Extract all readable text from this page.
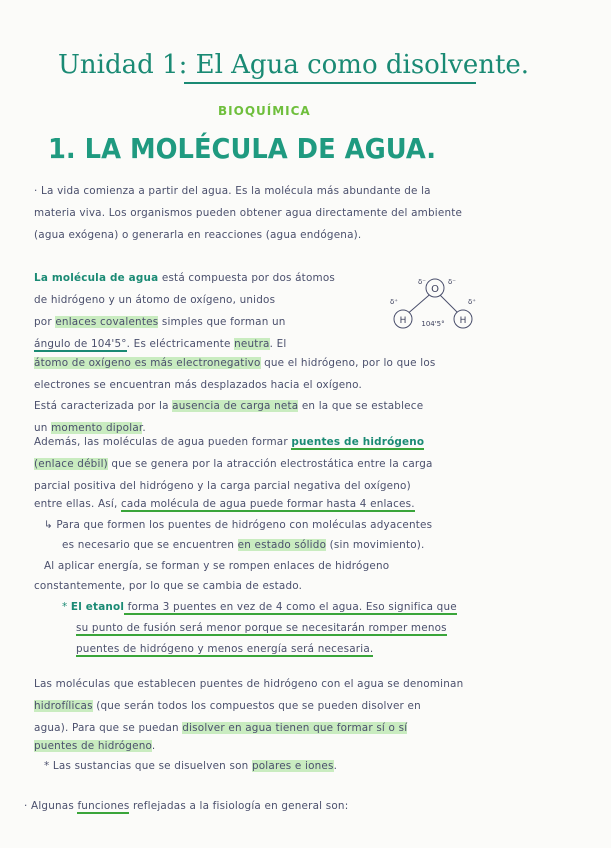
Unidad 1: El Agua como disolvente.
BIOQUÍMICA
1. LA MOLÉCULA DE AGUA.
· La vida comienza a partir del agua. Es la molécula más abundante de la
materia viva. Los organismos pueden obtener agua directamente del ambiente
(agua exógena) o generarla en reacciones (agua endógena).
La molécula de agua está compuesta por dos átomos
de hidrógeno y un átomo de oxígeno, unidos
por enlaces covalentes simples que forman un
ángulo de 104'5°. Es eléctricamente neutra. El
átomo de oxígeno es más electronegativo que el hidrógeno, por lo que los
electrones se encuentran más desplazados hacia el oxígeno.
Está caracterizada por la ausencia de carga neta en la que se establece
un momento dipolar.
O
H	H
104'5°
δ⁻	δ⁻
δ⁺	δ⁺
Además, las moléculas de agua pueden formar puentes de hidrógeno
(enlace débil) que se genera por la atracción electrostática entre la carga
parcial positiva del hidrógeno y la carga parcial negativa del oxígeno)
entre ellas. Así, cada molécula de agua puede formar hasta 4 enlaces.
↳ Para que formen los puentes de hidrógeno con moléculas adyacentes
es necesario que se encuentren en estado sólido (sin movimiento).
Al aplicar energía, se forman y se rompen enlaces de hidrógeno
constantemente, por lo que se cambia de estado.
* El etanol forma 3 puentes en vez de 4 como el agua. Eso significa que
su punto de fusión será menor porque se necesitarán romper menos
puentes de hidrógeno y menos energía será necesaria.
Las moléculas que establecen puentes de hidrógeno con el agua se denominan
hidrofílicas (que serán todos los compuestos que se pueden disolver en
agua). Para que se puedan disolver en agua tienen que formar sí o sí
puentes de hidrógeno.
* Las sustancias que se disuelven son polares e iones.
· Algunas funciones reflejadas a la fisiología en general son:
